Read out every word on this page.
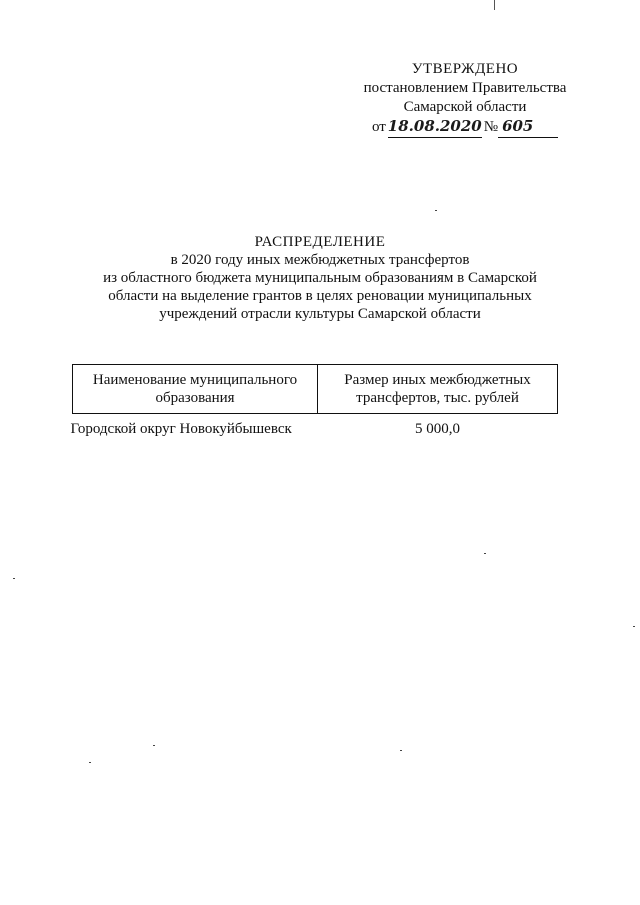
УТВЕРЖДЕНО
постановлением Правительства
Самарской области
от 18.08.2020 № 605
РАСПРЕДЕЛЕНИЕ
в 2020 году иных межбюджетных трансфертов
из областного бюджета муниципальным образованиям в Самарской
области на выделение грантов в целях реновации муниципальных
учреждений отрасли культуры Самарской области
Наименование муниципального образования	Размер иных межбюджетных трансфертов, тыс. рублей
Городской округ Новокуйбышевск	5 000,0
